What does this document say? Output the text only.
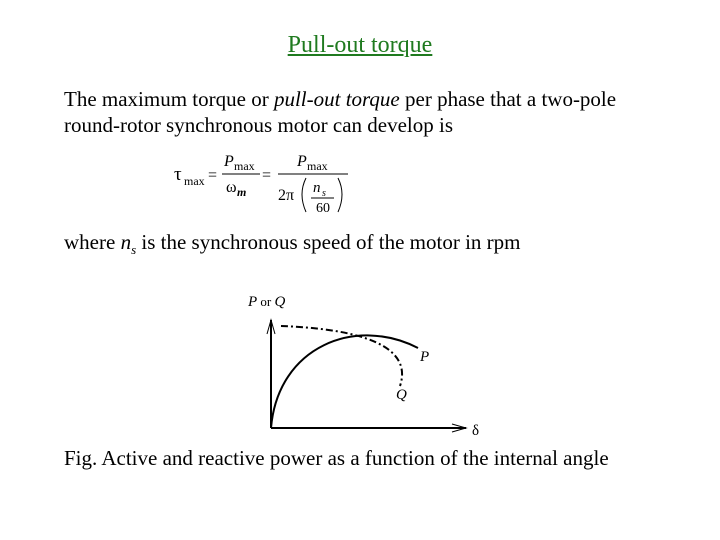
Pull-out torque
The maximum torque or pull-out torque per phase that a two-pole round-rotor synchronous motor can develop is
τ max =
P max
ω m
=
P max
2π n s
60
where $n_s$ is the synchronous speed of the motor in rpm
P or Q
δ
P
Q
Fig. Active and reactive power as a function of the internal angle
